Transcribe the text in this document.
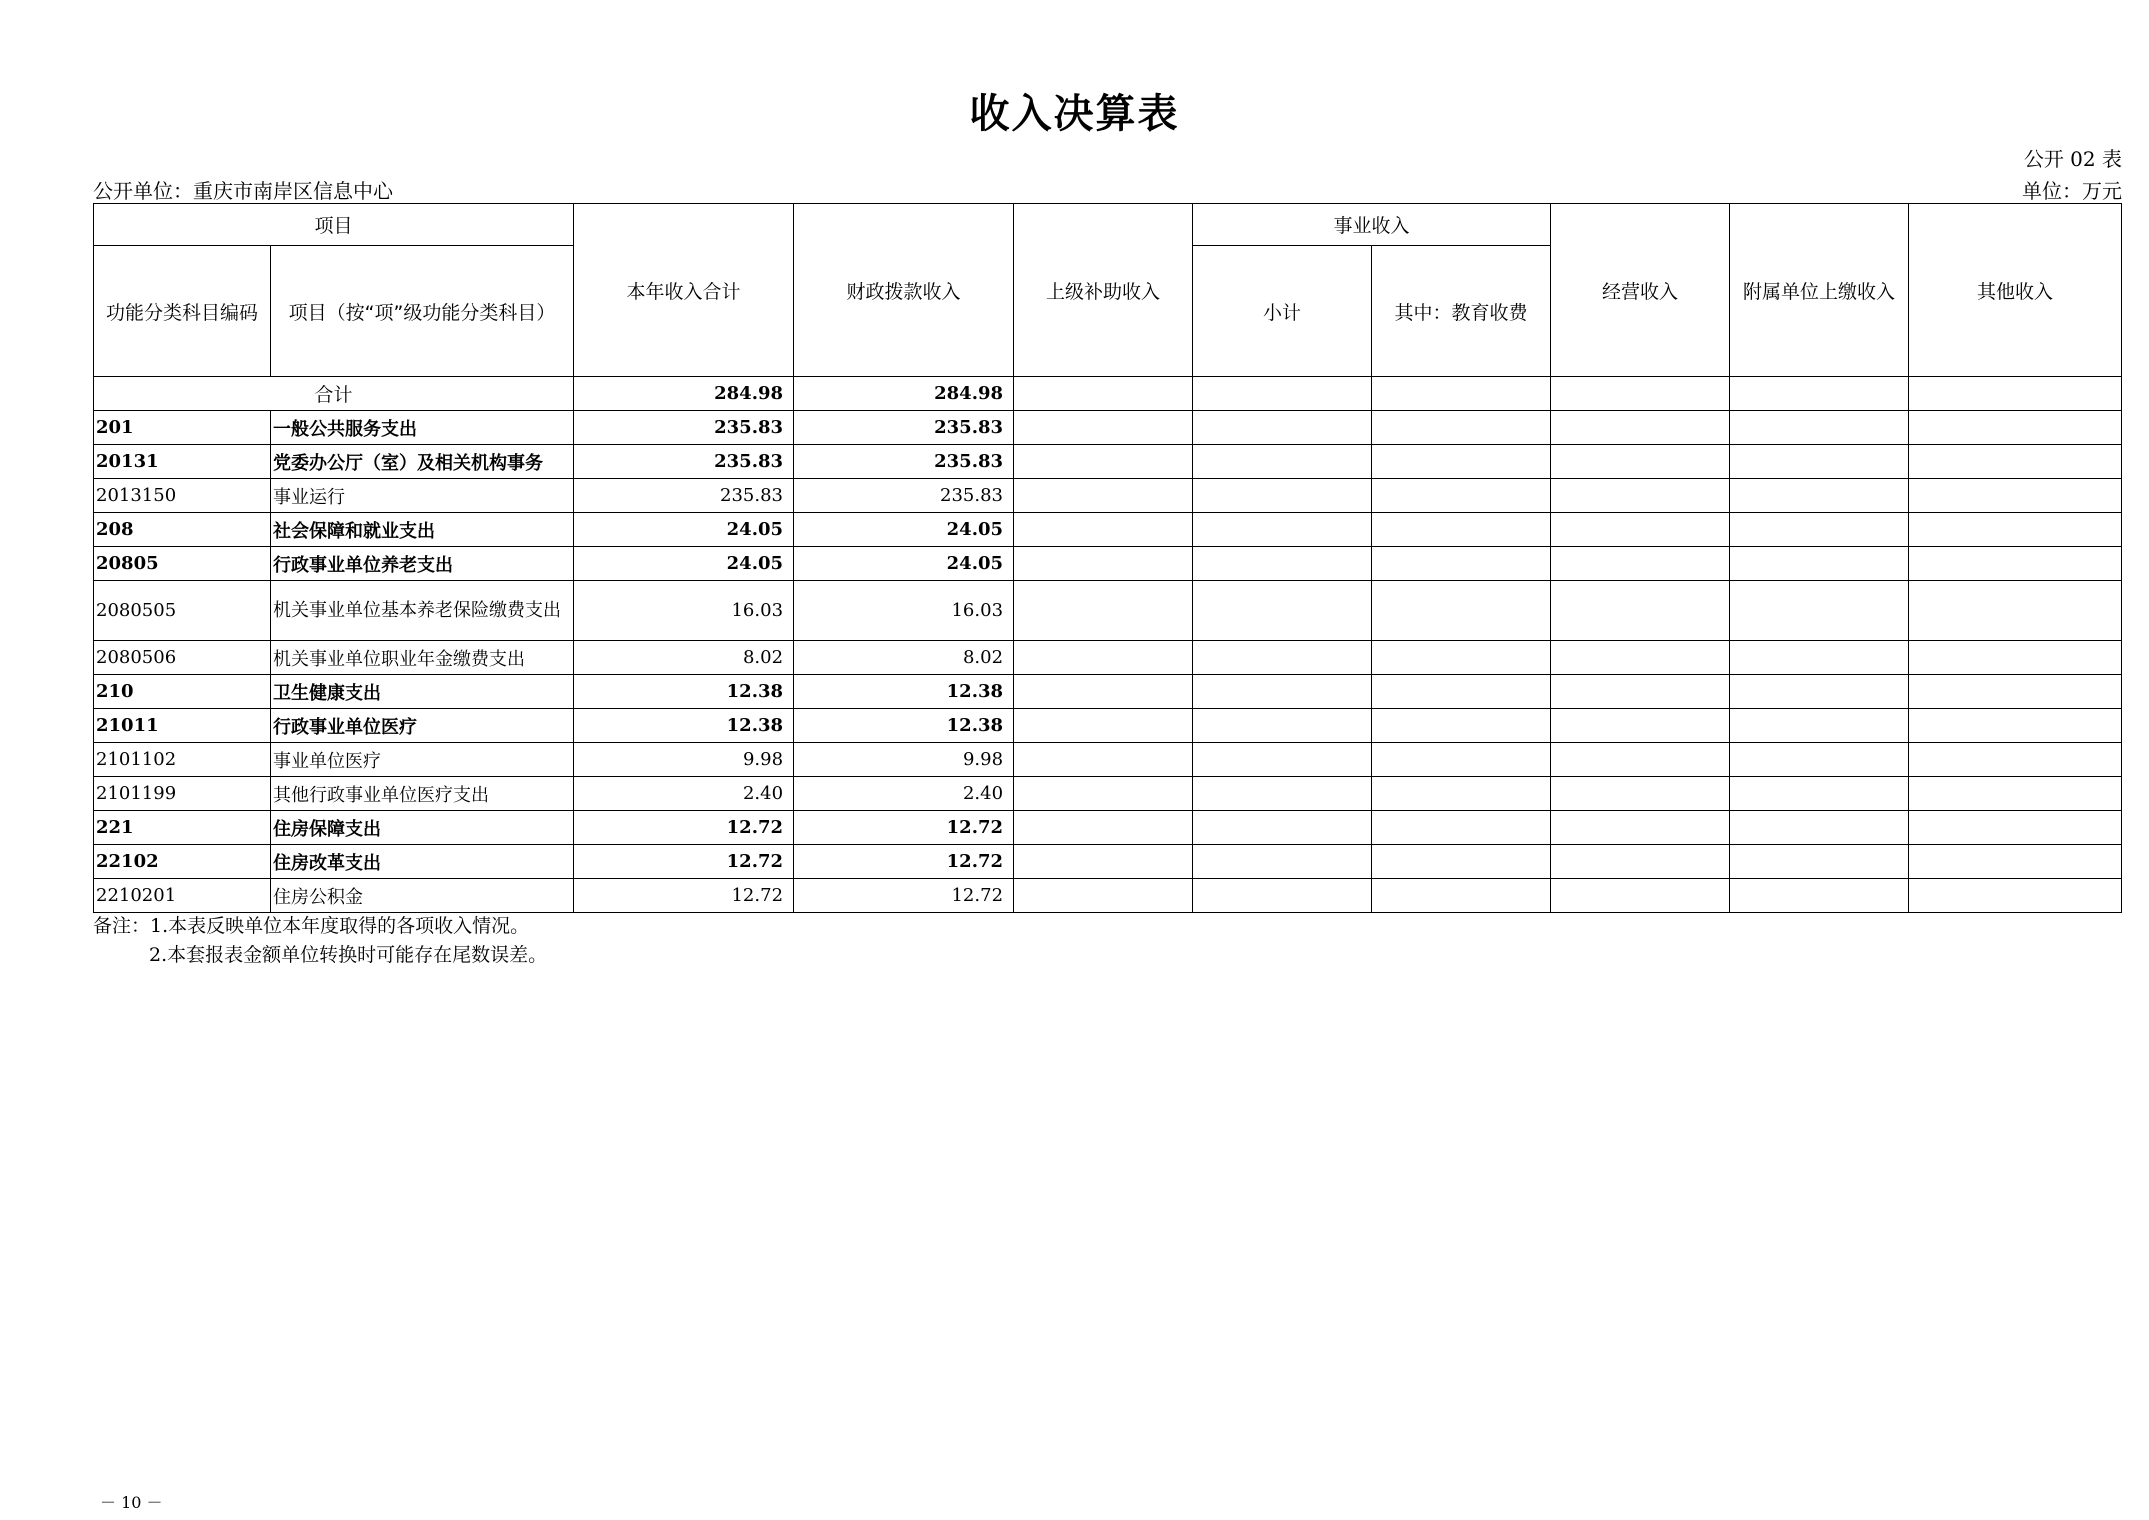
收入决算表
公开 02 表
公开单位：重庆市南岸区信息中心	单位：万元
项目		本年收入合计	财政拨款收入	上级补助收入	事业收入		经营收入	附属单位上缴收入	其他收入
功能分类科目编码	项目（按“项”级功能分类科目）				小计	其中：教育收费			
合计		284.98	284.98						
201	一般公共服务支出	235.83	235.83						
20131	党委办公厅（室）及相关机构事务	235.83	235.83						
2013150	事业运行	235.83	235.83						
208	社会保障和就业支出	24.05	24.05						
20805	行政事业单位养老支出	24.05	24.05						
2080505	机关事业单位基本养老保险缴费支出	16.03	16.03						
2080506	机关事业单位职业年金缴费支出	8.02	8.02						
210	卫生健康支出	12.38	12.38						
21011	行政事业单位医疗	12.38	12.38						
2101102	事业单位医疗	9.98	9.98						
2101199	其他行政事业单位医疗支出	2.40	2.40						
221	住房保障支出	12.72	12.72						
22102	住房改革支出	12.72	12.72						
2210201	住房公积金	12.72	12.72						
备注：1.本表反映单位本年度取得的各项收入情况。
2.本套报表金额单位转换时可能存在尾数误差。
－ 10 －
